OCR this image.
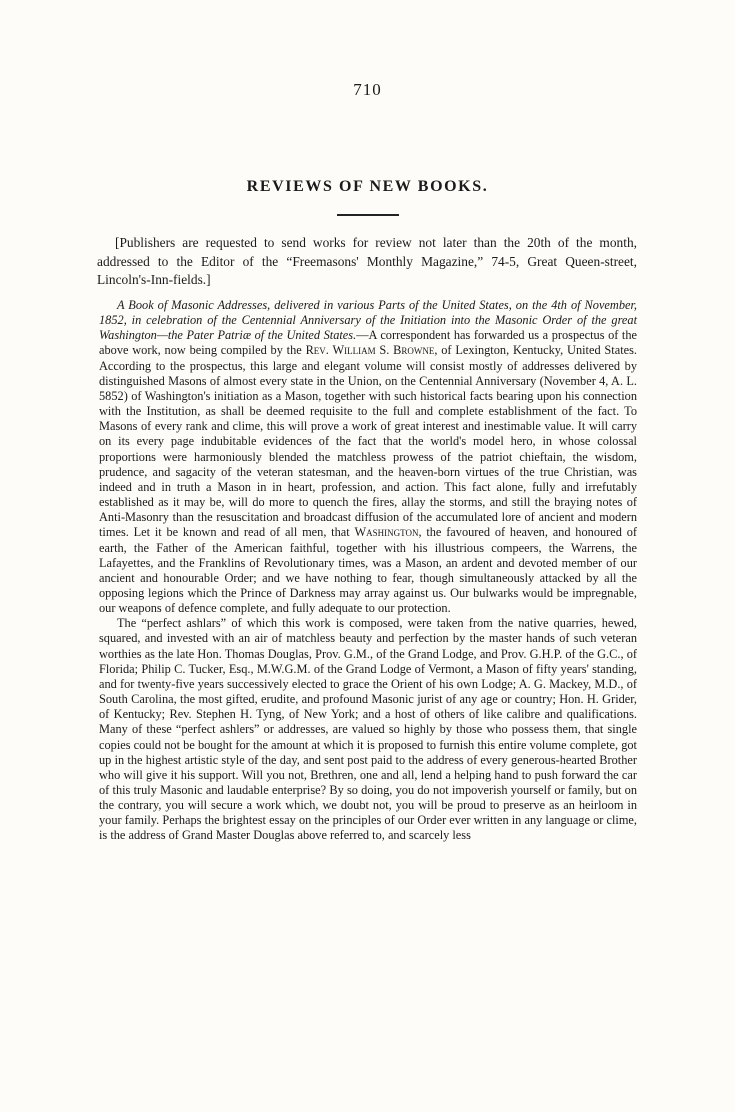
710
REVIEWS OF NEW BOOKS.

[Publishers are requested to send works for review not later than the 20th of the month, addressed to the Editor of the “Freemasons' Monthly Magazine,” 74-5, Great Queen-street, Lincoln's-Inn-fields.]

A Book of Masonic Addresses, delivered in various Parts of the United States, on the 4th of November, 1852, in celebration of the Centennial Anniversary of the Initiation into the Masonic Order of the great Washington—the Pater Patriæ of the United States.—A correspondent has forwarded us a prospectus of the above work, now being compiled by the Rev. William S. Browne, of Lexington, Kentucky, United States. According to the prospectus, this large and elegant volume will consist mostly of addresses delivered by distinguished Masons of almost every state in the Union, on the Centennial Anniversary (November 4, A. L. 5852) of Washington's initiation as a Mason, together with such historical facts bearing upon his connection with the Institution, as shall be deemed requisite to the full and complete establishment of the fact. To Masons of every rank and clime, this will prove a work of great interest and inestimable value. It will carry on its every page indubitable evidences of the fact that the world's model hero, in whose colossal proportions were harmoniously blended the matchless prowess of the patriot chieftain, the wisdom, prudence, and sagacity of the veteran statesman, and the heaven-born virtues of the true Christian, was indeed and in truth a Mason in in heart, profession, and action. This fact alone, fully and irrefutably established as it may be, will do more to quench the fires, allay the storms, and still the braying notes of Anti-Masonry than the resuscitation and broadcast diffusion of the accumulated lore of ancient and modern times. Let it be known and read of all men, that Washington, the favoured of heaven, and honoured of earth, the Father of the American faithful, together with his illustrious compeers, the Warrens, the Lafayettes, and the Franklins of Revolutionary times, was a Mason, an ardent and devoted member of our ancient and honourable Order; and we have nothing to fear, though simultaneously attacked by all the opposing legions which the Prince of Darkness may array against us. Our bulwarks would be impregnable, our weapons of defence complete, and fully adequate to our protection.

The “perfect ashlars” of which this work is composed, were taken from the native quarries, hewed, squared, and invested with an air of matchless beauty and perfection by the master hands of such veteran worthies as the late Hon. Thomas Douglas, Prov. G.M., of the Grand Lodge, and Prov. G.H.P. of the G.C., of Florida; Philip C. Tucker, Esq., M.W.G.M. of the Grand Lodge of Vermont, a Mason of fifty years' standing, and for twenty-five years successively elected to grace the Orient of his own Lodge; A. G. Mackey, M.D., of South Carolina, the most gifted, erudite, and profound Masonic jurist of any age or country; Hon. H. Grider, of Kentucky; Rev. Stephen H. Tyng, of New York; and a host of others of like calibre and qualifications. Many of these “perfect ashlers” or addresses, are valued so highly by those who possess them, that single copies could not be bought for the amount at which it is proposed to furnish this entire volume complete, got up in the highest artistic style of the day, and sent post paid to the address of every generous-hearted Brother who will give it his support. Will you not, Brethren, one and all, lend a helping hand to push forward the car of this truly Masonic and laudable enterprise? By so doing, you do not impoverish yourself or family, but on the contrary, you will secure a work which, we doubt not, you will be proud to preserve as an heirloom in your family. Perhaps the brightest essay on the principles of our Order ever written in any language or clime, is the address of Grand Master Douglas above referred to, and scarcely less
